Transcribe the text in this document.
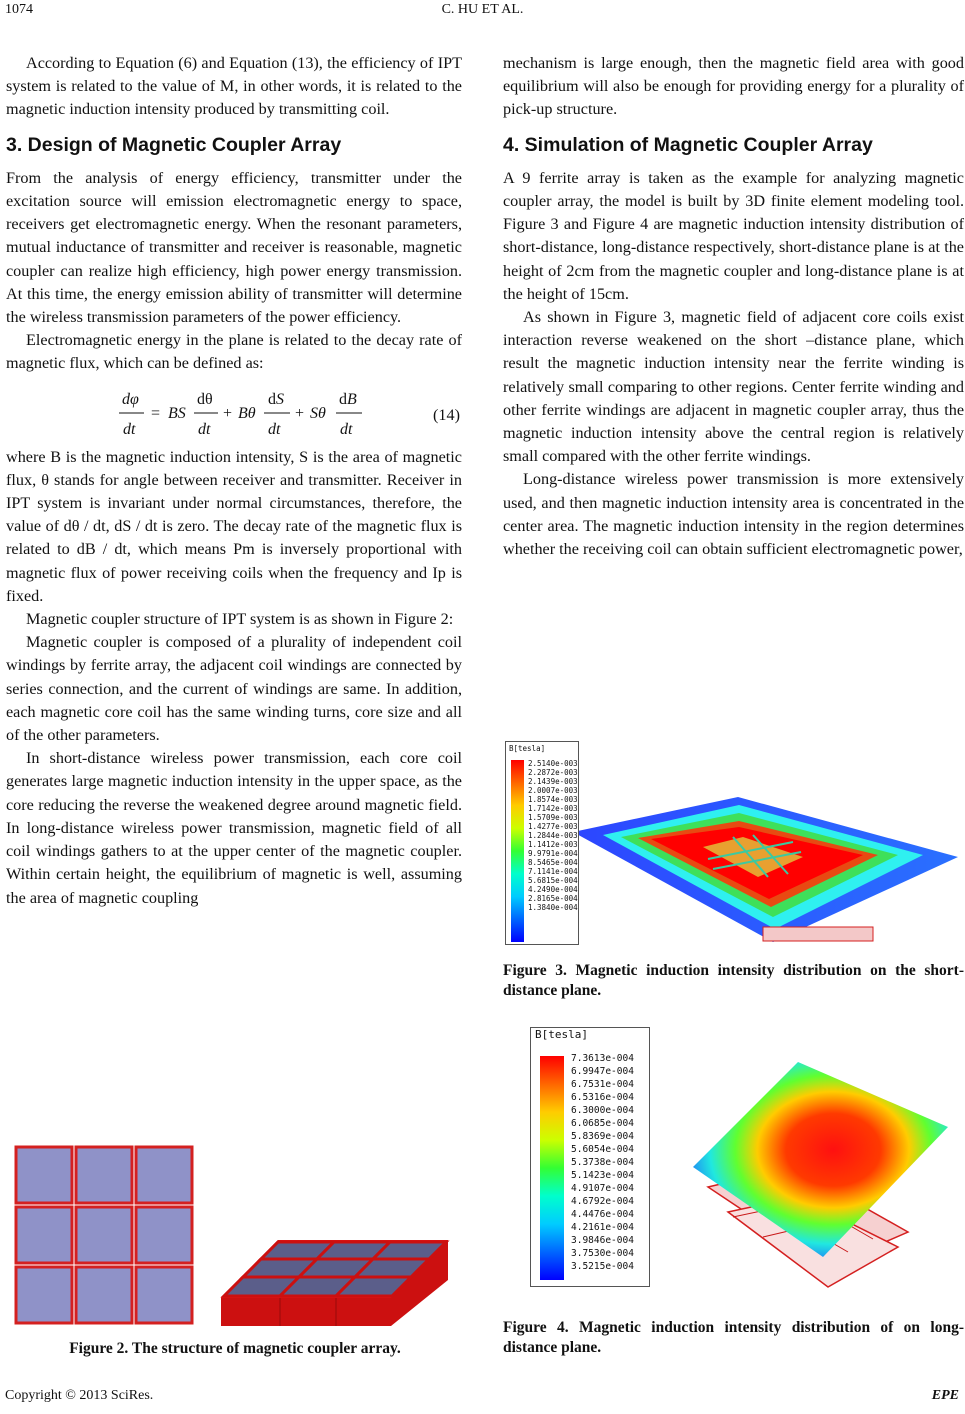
1074	C. HU ET AL.

According to Equation (6) and Equation (13), the efficiency of IPT system is related to the value of M, in other words, it is related to the magnetic induction intensity produced by transmitting coil.

3. Design of Magnetic Coupler Array

From the analysis of energy efficiency, transmitter under the excitation source will emission electromagnetic energy to space, receivers get electromagnetic energy. When the resonant parameters, mutual inductance of transmitter and receiver is reasonable, magnetic coupler can realize high efficiency, high power energy transmission. At this time, the energy emission ability of transmitter will determine the wireless transmission parameters of the power efficiency.

Electromagnetic energy in the plane is related to the decay rate of magnetic flux, which can be defined as:

dφ
dt
= BS
dθ
dt
+ Bθ
dS
dt
+ Sθ
dB
dt
(14)

where B is the magnetic induction intensity, S is the area of magnetic flux, θ stands for angle between receiver and transmitter. Receiver in IPT system is invariant under normal circumstances, therefore, the value of dθ / dt, dS / dt is zero. The decay rate of the magnetic flux is related to dB / dt, which means Pm is inversely proportional with magnetic flux of power receiving coils when the frequency and Ip is fixed.

Magnetic coupler structure of IPT system is as shown in Figure 2:

Magnetic coupler is composed of a plurality of independent coil windings by ferrite array, the adjacent coil windings are connected by series connection, and the current of windings are same. In addition, each magnetic core coil has the same winding turns, core size and all of the other parameters.

In short-distance wireless power transmission, each core coil generates large magnetic induction intensity in the upper space, as the core reducing the reverse the weakened degree around magnetic field. In long-distance wireless power transmission, magnetic field of all coil windings gathers to at the upper center of the magnetic coupler. Within certain height, the equilibrium of magnetic is well, assuming the area of magnetic coupling

Figure 2. The structure of magnetic coupler array.

mechanism is large enough, then the magnetic field area with good equilibrium will also be enough for providing energy for a plurality of pick-up structure.

4. Simulation of Magnetic Coupler Array

A 9 ferrite array is taken as the example for analyzing magnetic coupler array, the model is built by 3D finite element modeling tool. Figure 3 and Figure 4 are magnetic induction intensity distribution of short-distance, long-distance respectively, short-distance plane is at the height of 2cm from the magnetic coupler and long-distance plane is at the height of 15cm.

As shown in Figure 3, magnetic field of adjacent core coils exist interaction reverse weakened on the short –distance plane, which result the magnetic induction intensity near the ferrite winding is relatively small comparing to other regions. Center ferrite winding and other ferrite windings are adjacent in magnetic coupler array, thus the magnetic induction intensity above the central region is relatively small compared with the other ferrite windings.

Long-distance wireless power transmission is more extensively used, and then magnetic induction intensity area is concentrated in the center area. The magnetic induction intensity in the region determines whether the receiving coil can obtain sufficient electromagnetic power,

B[tesla]
2.5140e-003
2.2872e-003
2.1439e-003
2.0007e-003
1.8574e-003
1.7142e-003
1.5709e-003
1.4277e-003
1.2844e-003
1.1412e-003
9.9791e-004
8.5465e-004
7.1141e-004
5.6815e-004
4.2490e-004
2.8165e-004
1.3840e-004
Figure 3. Magnetic induction intensity distribution on the short-distance plane.
B[tesla]
7.3613e-004
6.9947e-004
6.7531e-004
6.5316e-004
6.3000e-004
6.0685e-004
5.8369e-004
5.6054e-004
5.3738e-004
5.1423e-004
4.9107e-004
4.6792e-004
4.4476e-004
4.2161e-004
3.9846e-004
3.7530e-004
3.5215e-004
Figure 4. Magnetic induction intensity distribution of on long- distance plane.
Copyright © 2013 SciRes.	EPE
